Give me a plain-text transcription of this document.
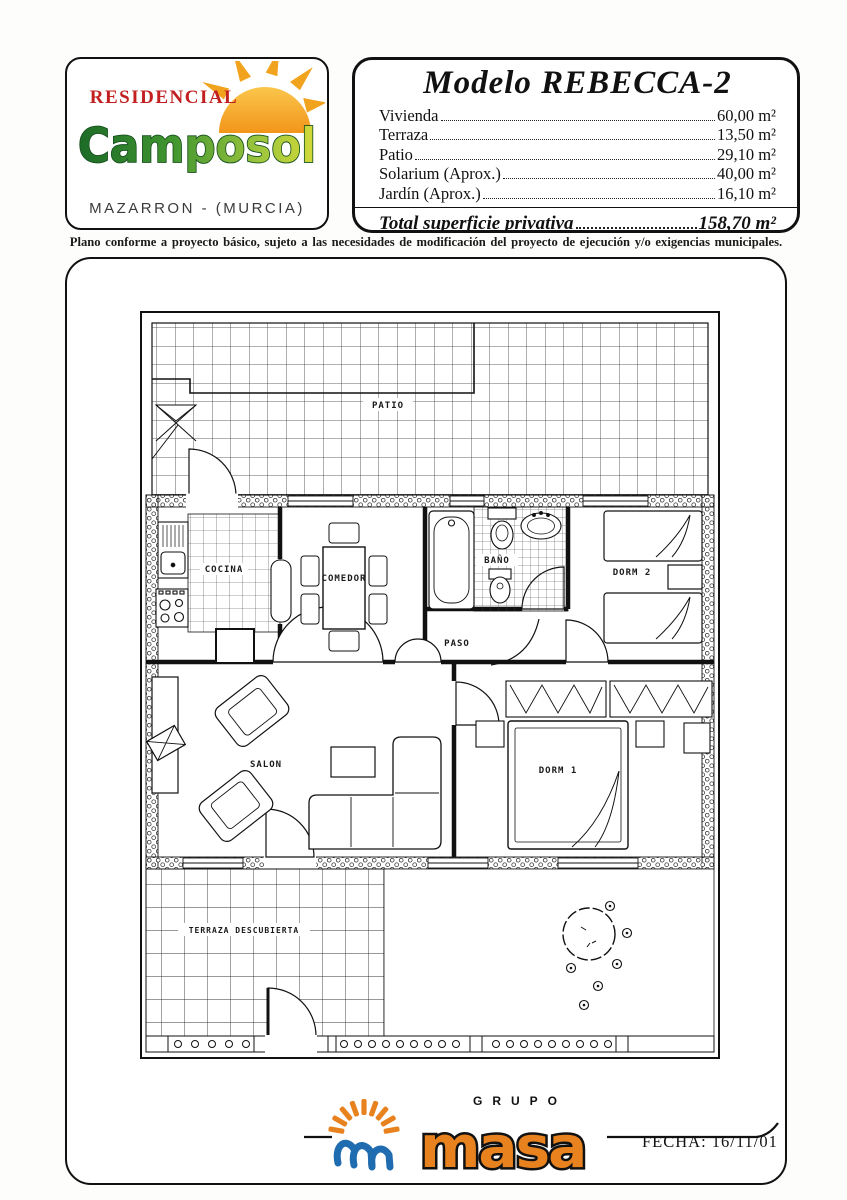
RESIDENCIAL
Camposol
MAZARRON - (MURCIA)
Modelo REBECCA-2
Vivienda	60,00 m²
Terraza	13,50 m²
Patio	29,10 m²
Solarium (Aprox.)	40,00 m²
Jardín (Aprox.)	16,10 m²
Total superficie privativa	158,70 m²
Plano conforme a proyecto básico, sujeto a las necesidades de modificación del proyecto de ejecución y/o exigencias municipales.
PATIO
COCINA
COMEDOR
BAÑO
PASO
DORM 2
DORM 1
SALON
TERRAZA DESCUBIERTA
GRUPO
masa	FECHA: 16/11/01
